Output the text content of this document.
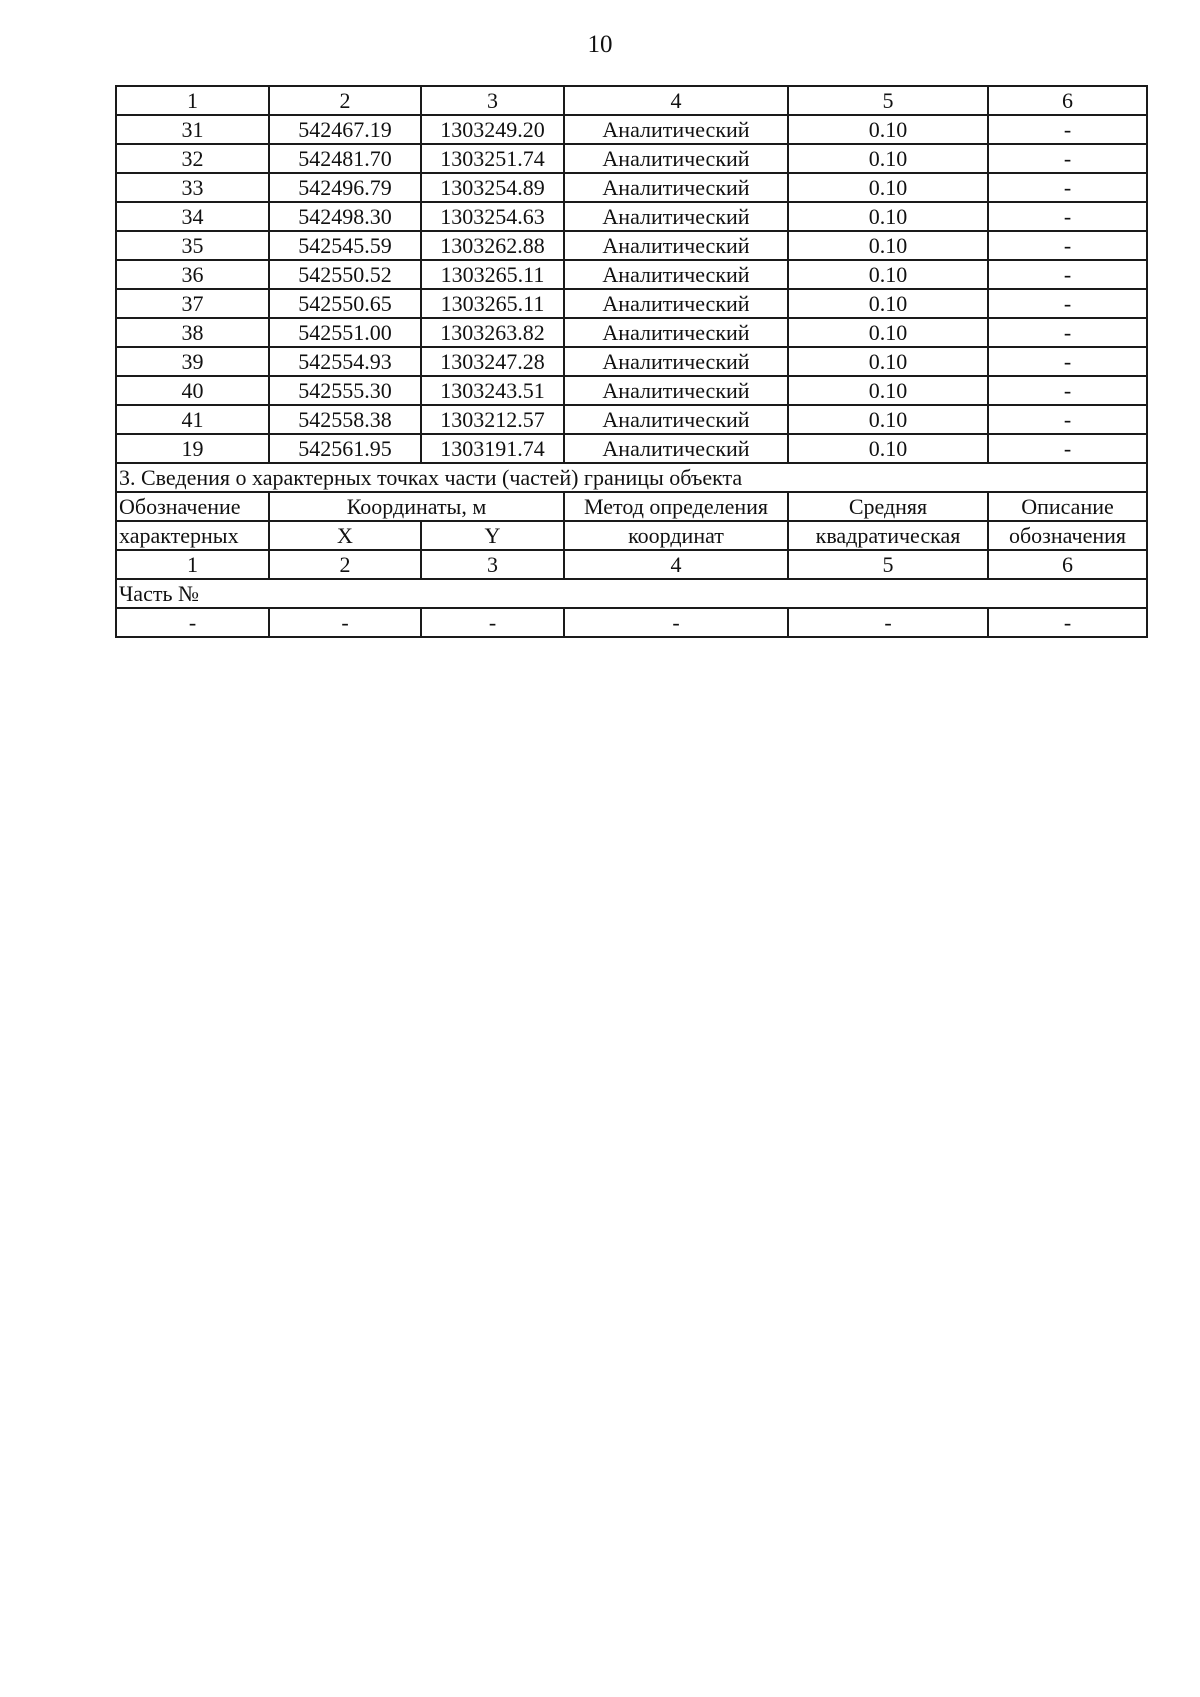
10
1	2	3	4	5	6
31	542467.19	1303249.20	Аналитический	0.10	-
32	542481.70	1303251.74	Аналитический	0.10	-
33	542496.79	1303254.89	Аналитический	0.10	-
34	542498.30	1303254.63	Аналитический	0.10	-
35	542545.59	1303262.88	Аналитический	0.10	-
36	542550.52	1303265.11	Аналитический	0.10	-
37	542550.65	1303265.11	Аналитический	0.10	-
38	542551.00	1303263.82	Аналитический	0.10	-
39	542554.93	1303247.28	Аналитический	0.10	-
40	542555.30	1303243.51	Аналитический	0.10	-
41	542558.38	1303212.57	Аналитический	0.10	-
19	542561.95	1303191.74	Аналитический	0.10	-
3. Сведения о характерных точках части (частей) границы объекта					
Обозначение	Координаты, м		Метод определения	Средняя	Описание
характерных	X	Y	координат	квадратическая	обозначения
1	2	3	4	5	6
Часть №					
-	-	-	-	-	-
